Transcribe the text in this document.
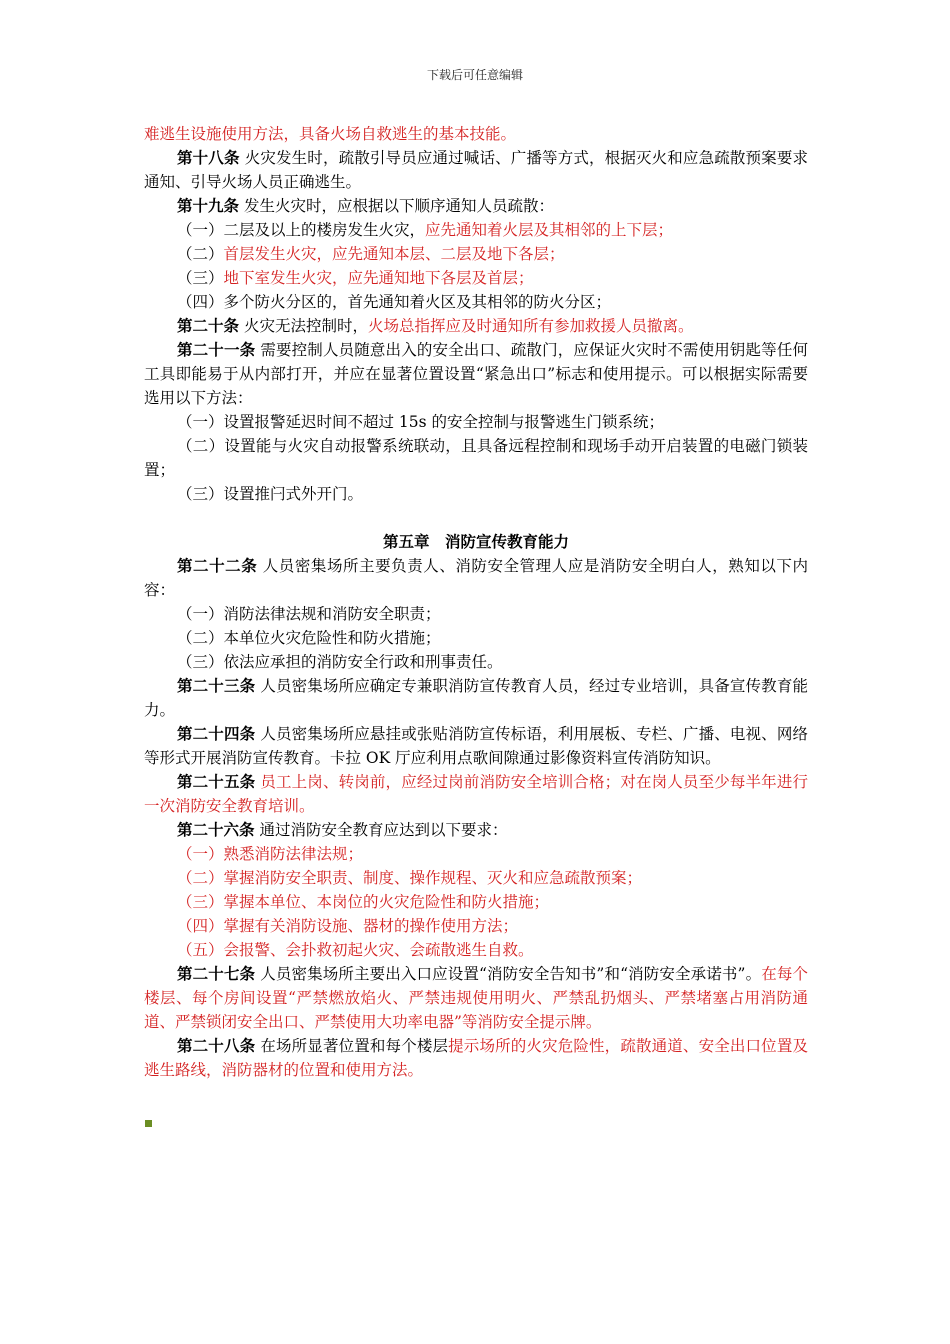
下载后可任意编辑

难逃生设施使用方法，具备火场自救逃生的基本技能。

第十八条 火灾发生时，疏散引导员应通过喊话、广播等方式，根据灭火和应急疏散预案要求通知、引导火场人员正确逃生。

第十九条 发生火灾时，应根据以下顺序通知人员疏散：

（一）二层及以上的楼房发生火灾，应先通知着火层及其相邻的上下层；

（二）首层发生火灾，应先通知本层、二层及地下各层；

（三）地下室发生火灾，应先通知地下各层及首层；

（四）多个防火分区的，首先通知着火区及其相邻的防火分区；

第二十条 火灾无法控制时，火场总指挥应及时通知所有参加救援人员撤离。

第二十一条 需要控制人员随意出入的安全出口、疏散门，应保证火灾时不需使用钥匙等任何工具即能易于从内部打开，并应在显著位置设置“紧急出口”标志和使用提示。可以根据实际需要选用以下方法：

（一）设置报警延迟时间不超过 15s 的安全控制与报警逃生门锁系统；

（二）设置能与火灾自动报警系统联动，且具备远程控制和现场手动开启装置的电磁门锁装置；

（三）设置推闩式外开门。

第五章　消防宣传教育能力

第二十二条 人员密集场所主要负责人、消防安全管理人应是消防安全明白人，熟知以下内容：

（一）消防法律法规和消防安全职责；

（二）本单位火灾危险性和防火措施；

（三）依法应承担的消防安全行政和刑事责任。

第二十三条 人员密集场所应确定专兼职消防宣传教育人员，经过专业培训，具备宣传教育能力。

第二十四条 人员密集场所应悬挂或张贴消防宣传标语，利用展板、专栏、广播、电视、网络等形式开展消防宣传教育。卡拉 OK 厅应利用点歌间隙通过影像资料宣传消防知识。

第二十五条 员工上岗、转岗前，应经过岗前消防安全培训合格；对在岗人员至少每半年进行一次消防安全教育培训。

第二十六条 通过消防安全教育应达到以下要求：

（一）熟悉消防法律法规；

（二）掌握消防安全职责、制度、操作规程、灭火和应急疏散预案；

（三）掌握本单位、本岗位的火灾危险性和防火措施；

（四）掌握有关消防设施、器材的操作使用方法；

（五）会报警、会扑救初起火灾、会疏散逃生自救。

第二十七条 人员密集场所主要出入口应设置“消防安全告知书”和“消防安全承诺书”。在每个楼层、每个房间设置“严禁燃放焰火、严禁违规使用明火、严禁乱扔烟头、严禁堵塞占用消防通道、严禁锁闭安全出口、严禁使用大功率电器”等消防安全提示牌。

第二十八条 在场所显著位置和每个楼层提示场所的火灾危险性，疏散通道、安全出口位置及逃生路线，消防器材的位置和使用方法。
